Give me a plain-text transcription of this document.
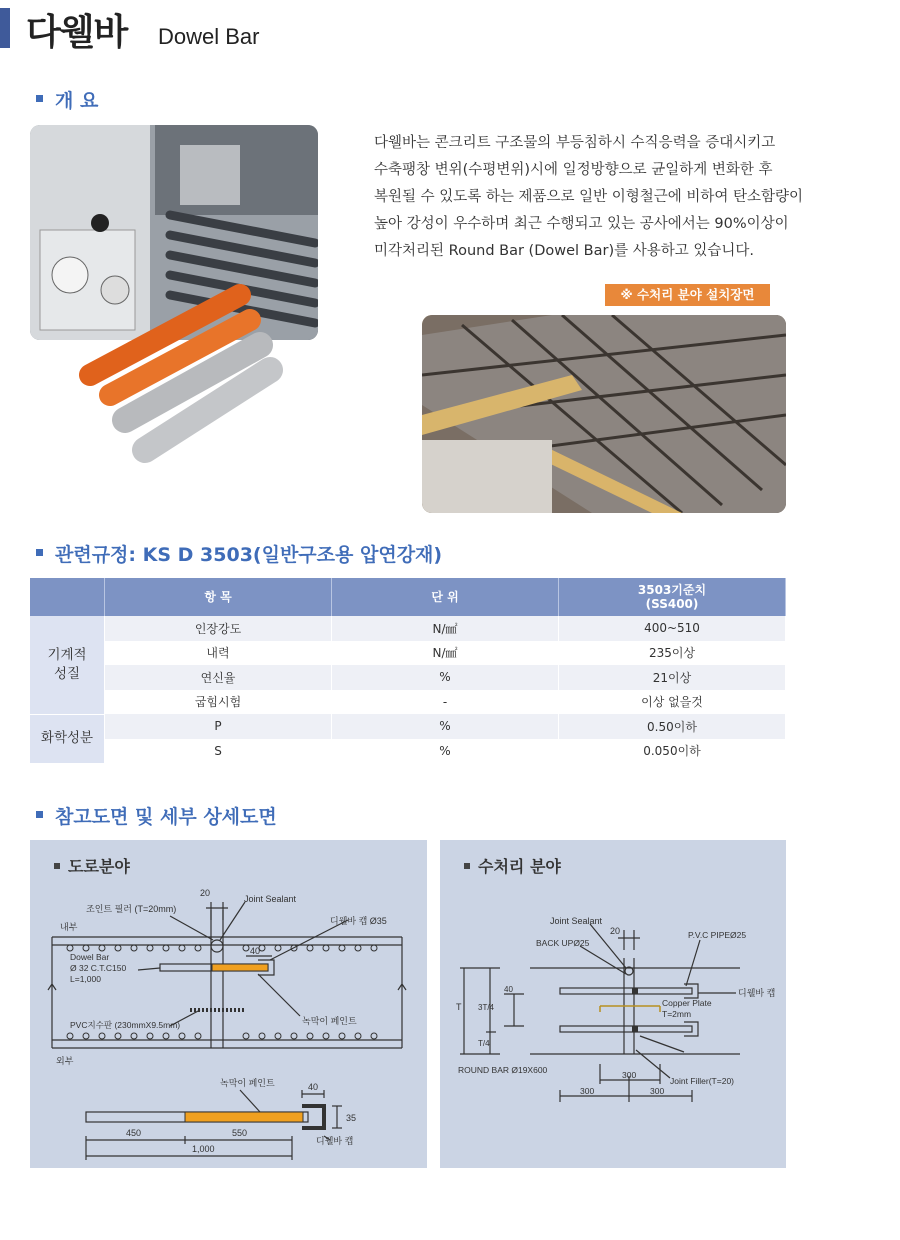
다웰바 Dowel Bar
개 요
다웰바는 콘크리트 구조물의 부등침하시 수직응력을 증대시키고
수축팽창 변위(수평변위)시에 일정방향으로 균일하게 변화한 후
복원될 수 있도록 하는 제품으로 일반 이형철근에 비하여 탄소함량이
높아 강성이 우수하며 최근 수행되고 있는 공사에서는 90%이상이
미각처리된 Round Bar (Dowel Bar)를 사용하고 있습니다.
※ 수처리 분야 설치장면
관련규정: KS D 3503(일반구조용 압연강재)
	항 목	단 위	3503기준치
(SS400)

기계적
성질	인장강도	N/㎟	400~510
	내력	N/㎟	235이상
	연신율	%	21이상
	굽힘시험	-	이상 없을것
화학성분	P	%	0.50이하
	S	%	0.050이하
참고도면 및 세부 상세도면
도로분야
20
Joint Sealant
조인트 필러 (T=20mm)
내부
디웰바 캡 Ø35
Dowel Bar
Ø 32 C.T.C150
L=1,000
40
PVC지수판 (230mmX9.5mm)	녹막이 페인트
외부
녹막이 페인트	40
35
450	550
1,000
디웰바 캡
수처리 분야
Joint Sealant
20
BACK UPØ25
P.V.C PIPEØ25
디웰바 캡
T 3T/4
T/4
40
Copper Plate
T=2mm
ROUND BAR Ø19X600	300
Joint Filler(T=20)
300	300
